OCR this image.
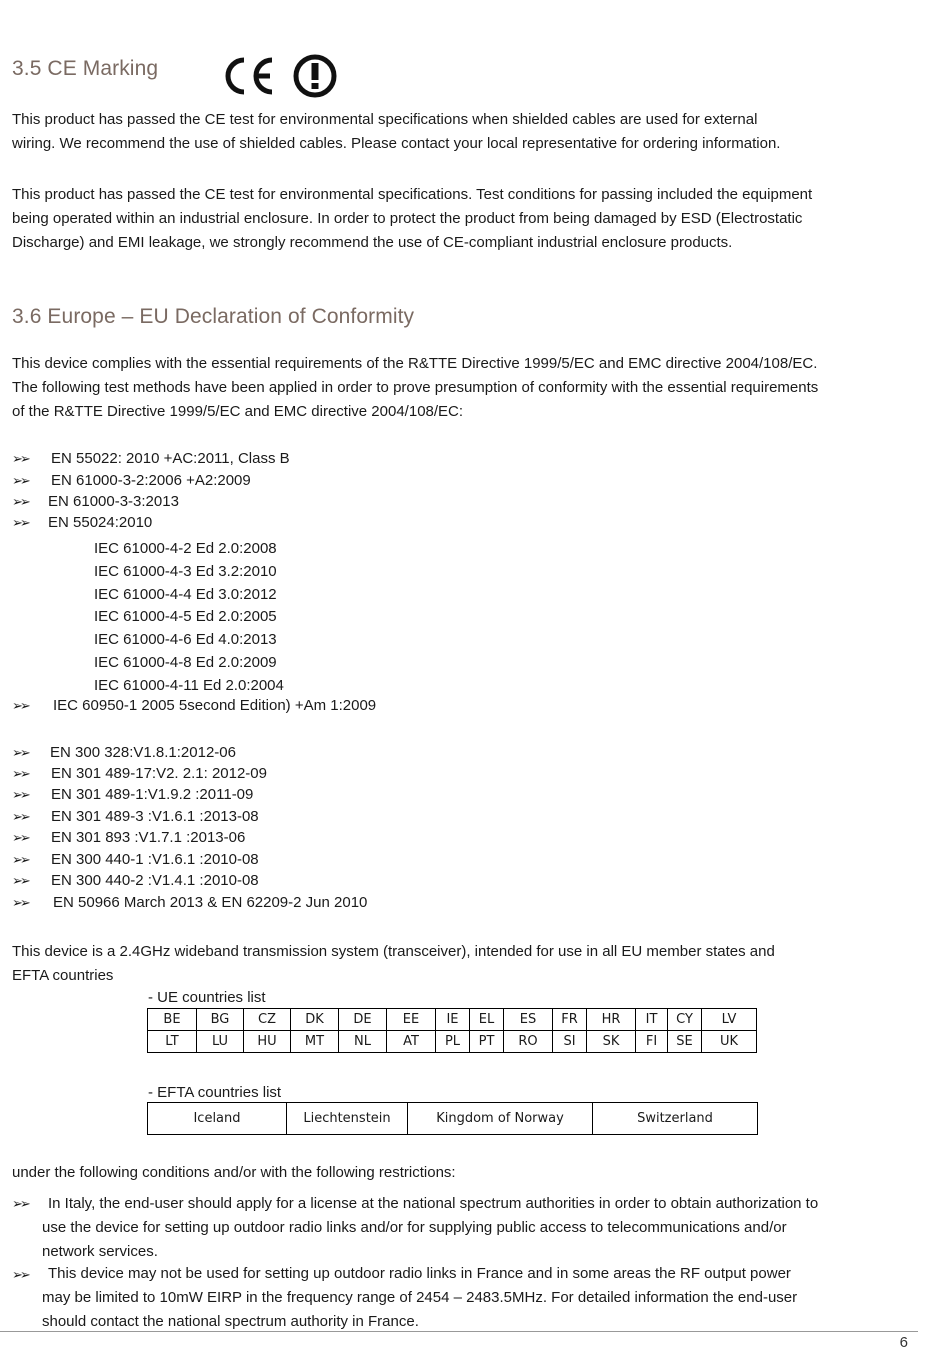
3.5 CE Marking
This product has passed the CE test for environmental specifications when shielded cables are used for external
wiring. We recommend the use of shielded cables. Please contact your local representative for ordering information.
This product has passed the CE test for environmental specifications. Test conditions for passing included the equipment
being operated within an industrial enclosure. In order to protect the product from being damaged by ESD (Electrostatic
Discharge) and EMI leakage, we strongly recommend the use of CE-compliant industrial enclosure products.
3.6 Europe – EU Declaration of Conformity
This device complies with the essential requirements of the R&TTE Directive 1999/5/EC and EMC directive 2004/108/EC.
The following test methods have been applied in order to prove presumption of conformity with the essential requirements
of the R&TTE Directive 1999/5/EC and EMC directive 2004/108/EC:
➢➢ EN 55022: 2010 +AC:2011, Class B
➢➢ EN 61000-3-2:2006 +A2:2009
➢➢ EN 61000-3-3:2013
➢➢ EN 55024:2010
IEC 61000-4-2 Ed 2.0:2008
IEC 61000-4-3 Ed 3.2:2010
IEC 61000-4-4 Ed 3.0:2012
IEC 61000-4-5 Ed 2.0:2005
IEC 61000-4-6 Ed 4.0:2013
IEC 61000-4-8 Ed 2.0:2009
IEC 61000-4-11 Ed 2.0:2004
➢➢ IEC 60950-1 2005 5second Edition) +Am 1:2009
➢➢ EN 300 328:V1.8.1:2012-06
➢➢ EN 301 489-17:V2. 2.1: 2012-09
➢➢ EN 301 489-1:V1.9.2 :2011-09
➢➢ EN 301 489-3 :V1.6.1 :2013-08
➢➢ EN 301 893 :V1.7.1 :2013-06
➢➢ EN 300 440-1 :V1.6.1 :2010-08
➢➢ EN 300 440-2 :V1.4.1 :2010-08
➢➢ EN 50966 March 2013 & EN 62209-2 Jun 2010
This device is a 2.4GHz wideband transmission system (transceiver), intended for use in all EU member states and
EFTA countries
- UE countries list
BE	BG	CZ	DK	DE	EE	IE	EL	ES	FR	HR	IT	CY	LV
LT	LU	HU	MT	NL	AT	PL	PT	RO	SI	SK	FI	SE	UK
- EFTA countries list
Iceland	Liechtenstein	Kingdom of Norway	Switzerland
under the following conditions and/or with the following restrictions:
➢➢	In Italy, the end-user should apply for a license at the national spectrum authorities in order to obtain authorization to
use the device for setting up outdoor radio links and/or for supplying public access to telecommunications and/or
network services.
➢➢	This device may not be used for setting up outdoor radio links in France and in some areas the RF output power
may be limited to 10mW EIRP in the frequency range of 2454 – 2483.5MHz. For detailed information the end-user
should contact the national spectrum authority in France.
6
